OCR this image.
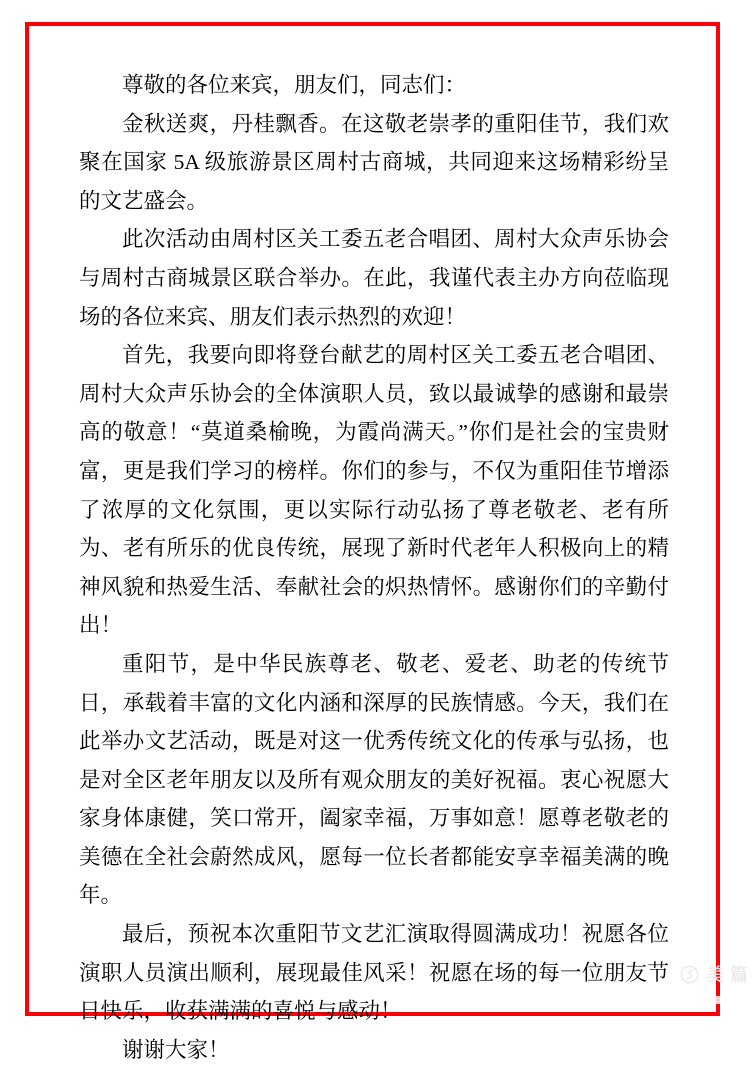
尊敬的各位来宾，朋友们，同志们：

金秋送爽，丹桂飘香。在这敬老崇孝的重阳佳节，我们欢聚在国家 5A 级旅游景区周村古商城，共同迎来这场精彩纷呈的文艺盛会。

此次活动由周村区关工委五老合唱团、周村大众声乐协会与周村古商城景区联合举办。在此，我谨代表主办方向莅临现场的各位来宾、朋友们表示热烈的欢迎！

首先，我要向即将登台献艺的周村区关工委五老合唱团、周村大众声乐协会的全体演职人员，致以最诚挚的感谢和最崇高的敬意！“莫道桑榆晚，为霞尚满天。”你们是社会的宝贵财富，更是我们学习的榜样。你们的参与，不仅为重阳佳节增添了浓厚的文化氛围，更以实际行动弘扬了尊老敬老、老有所为、老有所乐的优良传统，展现了新时代老年人积极向上的精神风貌和热爱生活、奉献社会的炽热情怀。感谢你们的辛勤付出！

重阳节，是中华民族尊老、敬老、爱老、助老的传统节日，承载着丰富的文化内涵和深厚的民族情感。今天，我们在此举办文艺活动，既是对这一优秀传统文化的传承与弘扬，也是对全区老年朋友以及所有观众朋友的美好祝福。衷心祝愿大家身体康健，笑口常开，阖家幸福，万事如意！愿尊老敬老的美德在全社会蔚然成风，愿每一位长者都能安享幸福美满的晚年。

最后，预祝本次重阳节文艺汇演取得圆满成功！祝愿各位演职人员演出顺利，展现最佳风采！祝愿在场的每一位朋友节日快乐，收获满满的喜悦与感动！

谢谢大家！

美篇
